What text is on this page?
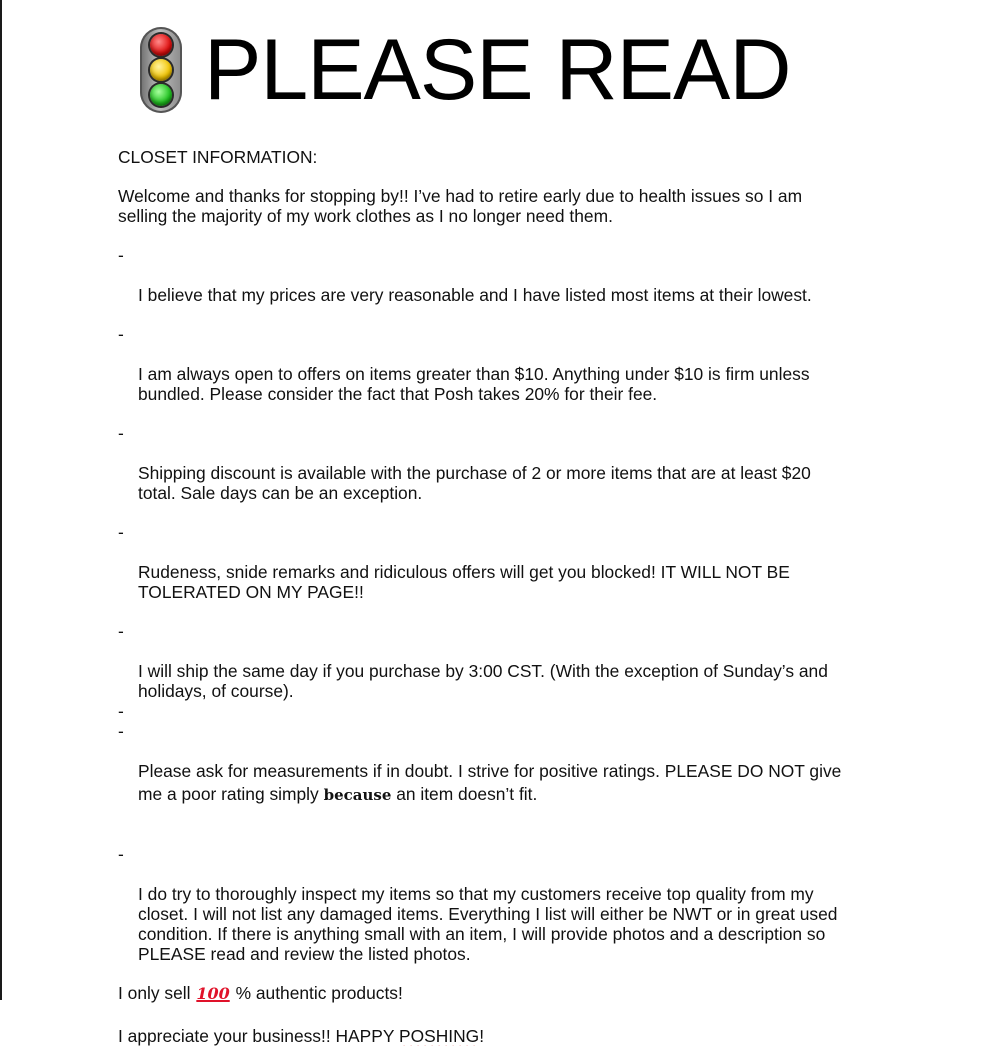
PLEASE READ

CLOSET INFORMATION:

Welcome and thanks for stopping by!! I’ve had to retire early due to health issues so I am
selling the majority of my work clothes as I no longer need them.

-

I believe that my prices are very reasonable and I have listed most items at their lowest.

-

I am always open to offers on items greater than $10. Anything under $10 is firm unless
bundled. Please consider the fact that Posh takes 20% for their fee.

-

Shipping discount is available with the purchase of 2 or more items that are at least $20
total. Sale days can be an exception.

-

Rudeness, snide remarks and ridiculous offers will get you blocked! IT WILL NOT BE
TOLERATED ON MY PAGE!!

-

I will ship the same day if you purchase by 3:00 CST. (With the exception of Sunday’s and
holidays, of course).

-

-

Please ask for measurements if in doubt. I strive for positive ratings. PLEASE DO NOT give

me a poor rating simply because an item doesn’t fit.

-

I do try to thoroughly inspect my items so that my customers receive top quality from my
closet. I will not list any damaged items. Everything I list will either be NWT or in great used
condition. If there is anything small with an item, I will provide photos and a description so
PLEASE read and review the listed photos.

I only sell 100 % authentic products!

I appreciate your business!! HAPPY POSHING!
